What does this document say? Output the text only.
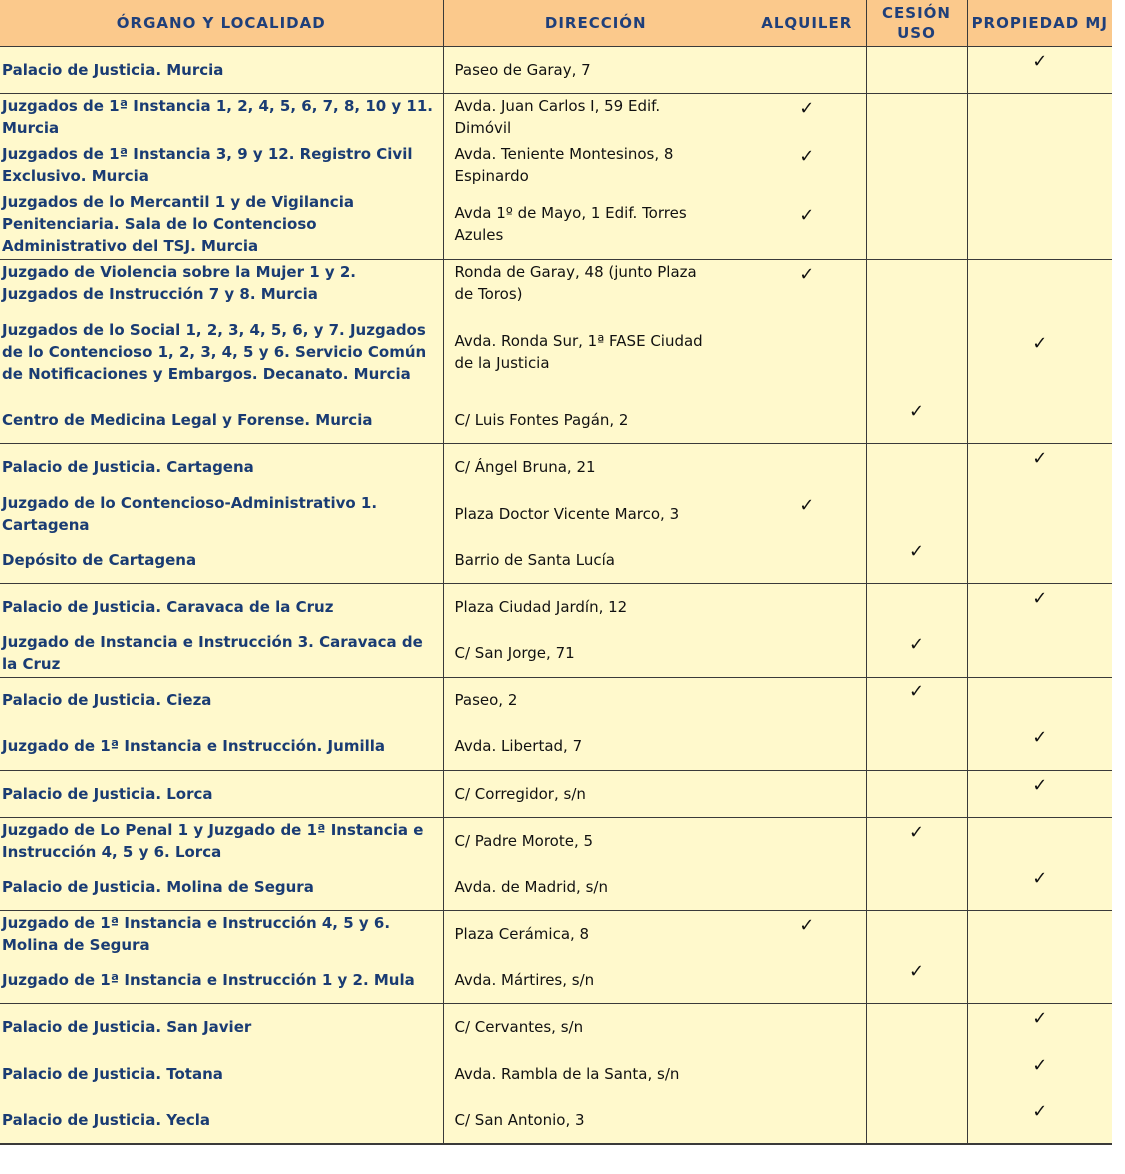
ÓRGANO Y LOCALIDAD	DIRECCIÓN	ALQUILER	CESIÓN USO	PROPIEDAD MJ
Palacio de Justicia. Murcia	Paseo de Garay, 7			✓
Juzgados de 1ª Instancia 1, 2, 4, 5, 6, 7, 8, 10 y 11. Murcia	Avda. Juan Carlos I, 59 Edif. Dimóvil	✓		
Juzgados de 1ª Instancia 3, 9 y 12. Registro Civil Exclusivo. Murcia	Avda. Teniente Montesinos, 8 Espinardo	✓		
Juzgados de lo Mercantil 1 y de Vigilancia Penitenciaria. Sala de lo Contencioso Administrativo del TSJ. Murcia	Avda 1º de Mayo, 1 Edif. Torres Azules	✓		
Juzgado de Violencia sobre la Mujer 1 y 2. Juzgados de Instrucción 7 y 8. Murcia	Ronda de Garay, 48 (junto Plaza de Toros)	✓		
Juzgados de lo Social 1, 2, 3, 4, 5, 6, y 7. Juzgados de lo Contencioso 1, 2, 3, 4, 5 y 6. Servicio Común de Notificaciones y Embargos. Decanato. Murcia	Avda. Ronda Sur, 1ª FASE Ciudad de la Justicia			✓
Centro de Medicina Legal y Forense. Murcia	C/ Luis Fontes Pagán, 2		✓	
Palacio de Justicia. Cartagena	C/ Ángel Bruna, 21			✓
Juzgado de lo Contencioso-Administrativo 1. Cartagena	Plaza Doctor Vicente Marco, 3	✓		
Depósito de Cartagena	Barrio de Santa Lucía		✓	
Palacio de Justicia. Caravaca de la Cruz	Plaza Ciudad Jardín, 12			✓
Juzgado de Instancia e Instrucción 3. Caravaca de la Cruz	C/ San Jorge, 71		✓	
Palacio de Justicia. Cieza	Paseo, 2		✓	
Juzgado de 1ª Instancia e Instrucción. Jumilla	Avda. Libertad, 7			✓
Palacio de Justicia. Lorca	C/ Corregidor, s/n			✓
Juzgado de Lo Penal 1 y Juzgado de 1ª Instancia e Instrucción 4, 5 y 6. Lorca	C/ Padre Morote, 5		✓	
Palacio de Justicia. Molina de Segura	Avda. de Madrid, s/n			✓
Juzgado de 1ª Instancia e Instrucción 4, 5 y 6. Molina de Segura	Plaza Cerámica, 8	✓		
Juzgado de 1ª Instancia e Instrucción 1 y 2. Mula	Avda. Mártires, s/n		✓	
Palacio de Justicia. San Javier	C/ Cervantes, s/n			✓
Palacio de Justicia. Totana	Avda. Rambla de la Santa, s/n			✓
Palacio de Justicia. Yecla	C/ San Antonio, 3			✓
